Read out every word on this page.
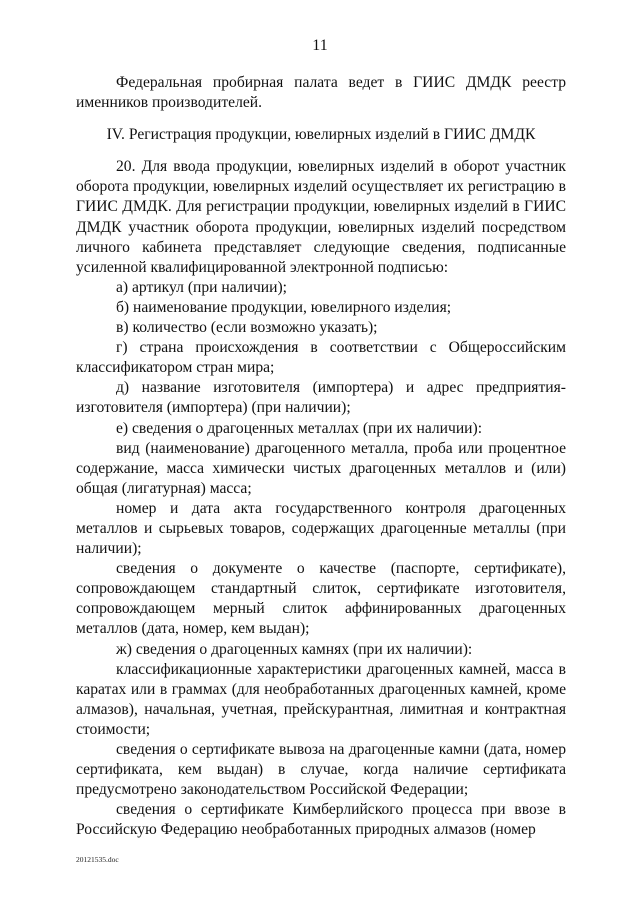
11

Федеральная пробирная палата ведет в ГИИС ДМДК реестр именников производителей.

IV. Регистрация продукции, ювелирных изделий в ГИИС ДМДК

20. Для ввода продукции, ювелирных изделий в оборот участник оборота продукции, ювелирных изделий осуществляет их регистрацию в ГИИС ДМДК. Для регистрации продукции, ювелирных изделий в ГИИС ДМДК участник оборота продукции, ювелирных изделий посредством личного кабинета представляет следующие сведения, подписанные усиленной квалифицированной электронной подписью:

а) артикул (при наличии);

б) наименование продукции, ювелирного изделия;

в) количество (если возможно указать);

г) страна происхождения в соответствии с Общероссийским классификатором стран мира;

д) название изготовителя (импортера) и адрес предприятия-изготовителя (импортера) (при наличии);

е) сведения о драгоценных металлах (при их наличии):

вид (наименование) драгоценного металла, проба или процентное содержание, масса химически чистых драгоценных металлов и (или) общая (лигатурная) масса;

номер и дата акта государственного контроля драгоценных металлов и сырьевых товаров, содержащих драгоценные металлы (при наличии);

сведения о документе о качестве (паспорте, сертификате), сопровождающем стандартный слиток, сертификате изготовителя, сопровождающем мерный слиток аффинированных драгоценных металлов (дата, номер, кем выдан);

ж) сведения о драгоценных камнях (при их наличии):

классификационные характеристики драгоценных камней, масса в каратах или в граммах (для необработанных драгоценных камней, кроме алмазов), начальная, учетная, прейскурантная, лимитная и контрактная стоимости;

сведения о сертификате вывоза на драгоценные камни (дата, номер сертификата, кем выдан) в случае, когда наличие сертификата предусмотрено законодательством Российской Федерации;

сведения о сертификате Кимберлийского процесса при ввозе в Российскую Федерацию необработанных природных алмазов (номер

20121535.doc
